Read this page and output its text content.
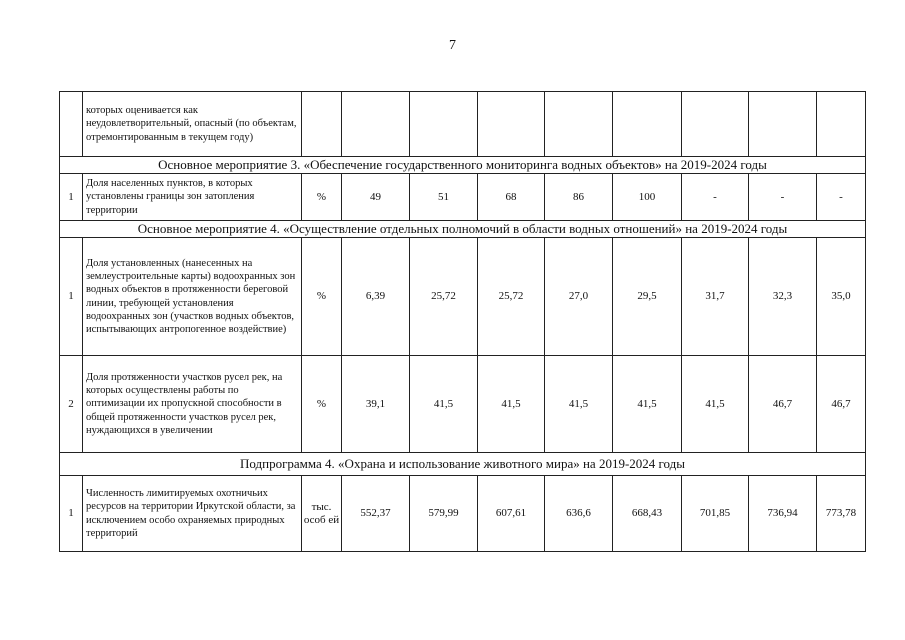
7
	которых оценивается как неудовлетворительный, опасный (по объектам, отремонтированным в текущем году)									
Основное мероприятие 3. «Обеспечение государственного мониторинга водных объектов» на 2019-2024 годы										
1	Доля населенных пунктов, в которых установлены границы зон затопления территории	%	49	51	68	86	100	-	-	-
Основное мероприятие 4. «Осуществление отдельных полномочий в области водных отношений» на 2019-2024 годы										
1	Доля установленных (нанесенных на землеустроительные карты) водоохранных зон водных объектов в протяженности береговой линии, требующей установления водоохранных зон (участков водных объектов, испытывающих антропогенное воздействие)	%	6,39	25,72	25,72	27,0	29,5	31,7	32,3	35,0
2	Доля протяженности участков русел рек, на которых осуществлены работы по оптимизации их пропускной способности в общей протяженности участков русел рек, нуждающихся в увеличении	%	39,1	41,5	41,5	41,5	41,5	41,5	46,7	46,7
Подпрограмма 4. «Охрана и использование животного мира» на 2019-2024 годы										
1	Численность лимитируемых охотничьих ресурсов на территории Иркутской области, за исключением особо охраняемых природных территорий	тыс. особ ей	552,37	579,99	607,61	636,6	668,43	701,85	736,94	773,78
